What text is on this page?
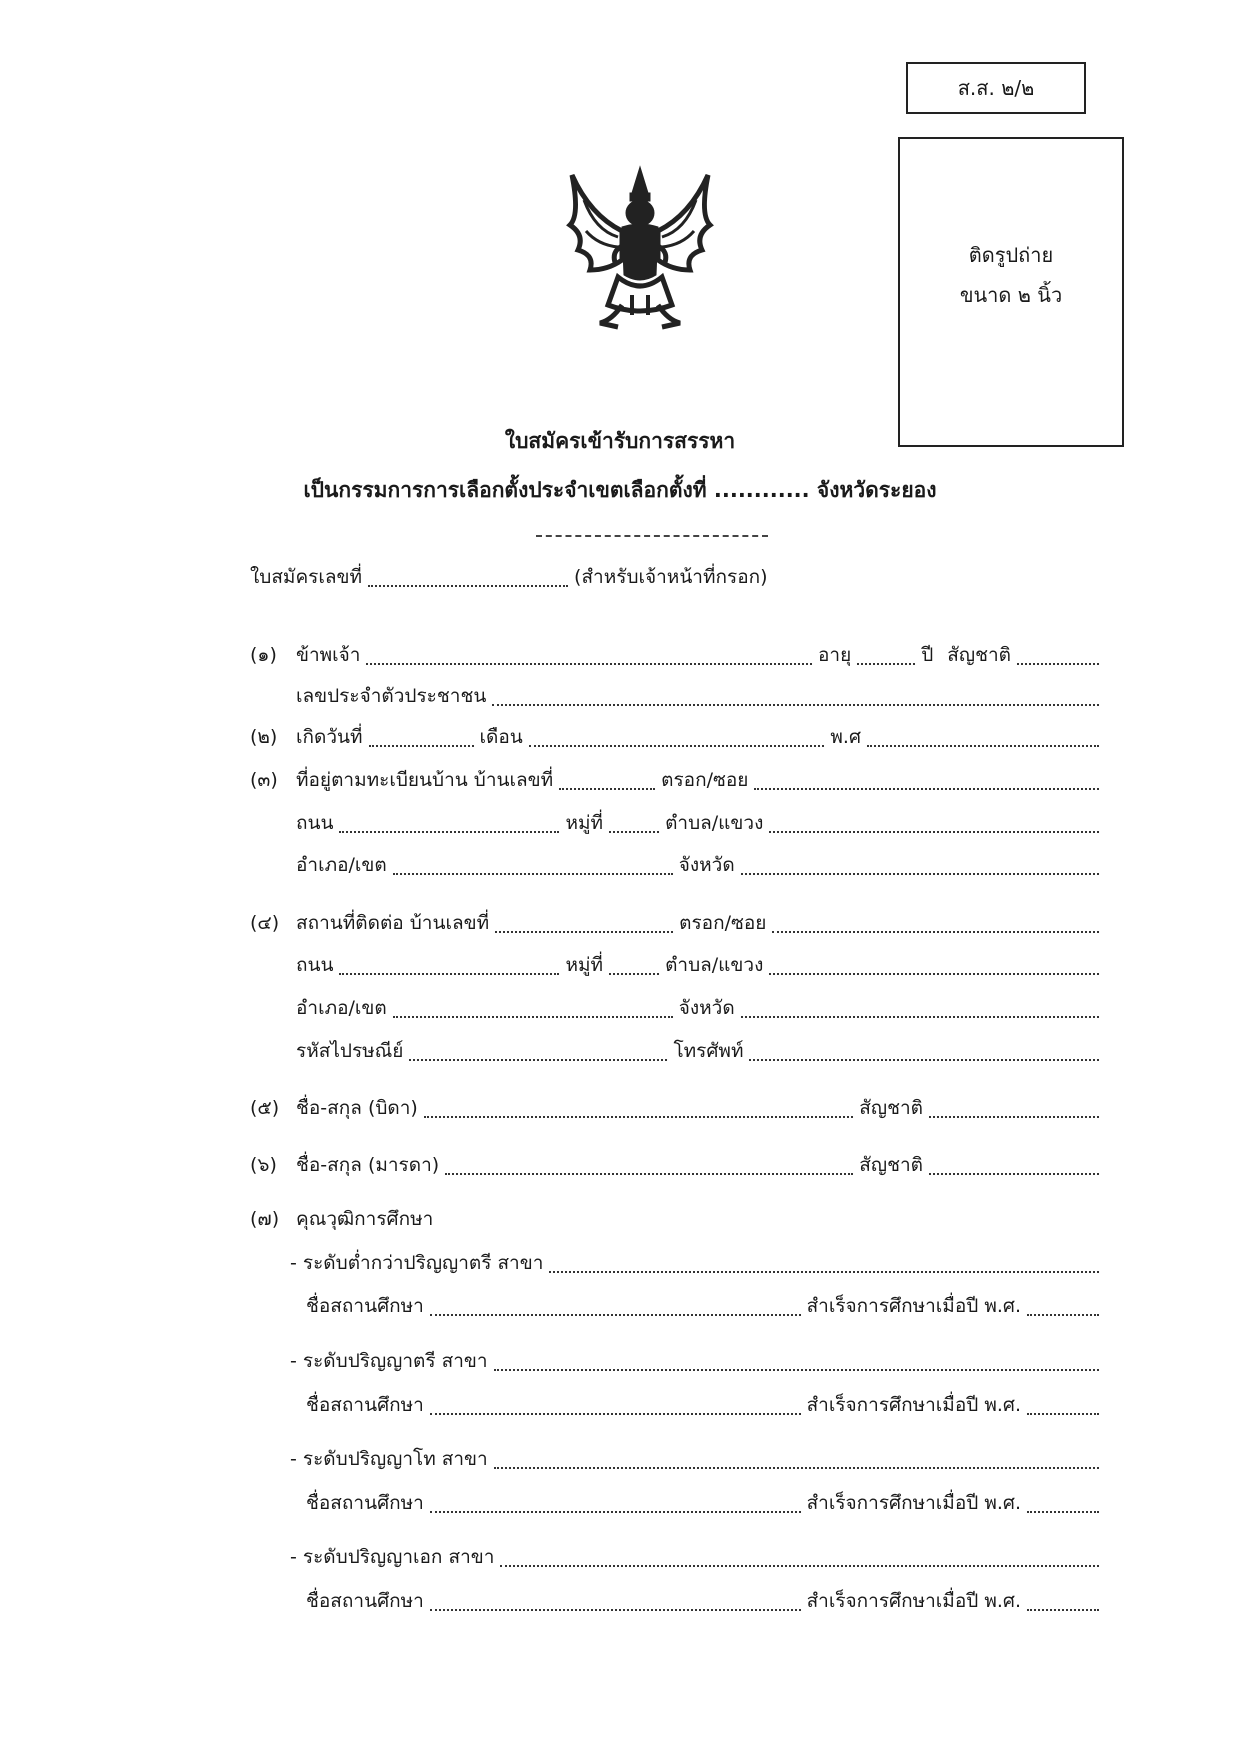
ส.ส. ๒/๒
ติดรูปถ่าย
ขนาด ๒ นิ้ว
ใบสมัครเข้ารับการสรรหา
เป็นกรรมการการเลือกตั้งประจำเขตเลือกตั้งที่ ............ จังหวัดระยอง
ใบสมัครเลขที่	(สำหรับเจ้าหน้าที่กรอก)
(๑)	ข้าพเจ้า	อายุ	ปี สัญชาติ
เลขประจำตัวประชาชน
(๒) เกิดวันที่	เดือน	พ.ศ
(๓) ที่อยู่ตามทะเบียนบ้าน บ้านเลขที่	ตรอก/ซอย
ถนน	หมู่ที่	ตำบล/แขวง
อำเภอ/เขต	จังหวัด
(๔) สถานที่ติดต่อ บ้านเลขที่	ตรอก/ซอย
ถนน	หมู่ที่	ตำบล/แขวง
อำเภอ/เขต	จังหวัด
รหัสไปรษณีย์	โทรศัพท์
(๕) ชื่อ-สกุล (บิดา)	สัญชาติ
(๖)	ชื่อ-สกุล (มารดา)	สัญชาติ
(๗) คุณวุฒิการศึกษา
- ระดับต่ำกว่าปริญญาตรี สาขา
ชื่อสถานศึกษา	สำเร็จการศึกษาเมื่อปี พ.ศ.
- ระดับปริญญาตรี สาขา
ชื่อสถานศึกษา	สำเร็จการศึกษาเมื่อปี พ.ศ.
- ระดับปริญญาโท สาขา
ชื่อสถานศึกษา	สำเร็จการศึกษาเมื่อปี พ.ศ.
- ระดับปริญญาเอก สาขา
ชื่อสถานศึกษา	สำเร็จการศึกษาเมื่อปี พ.ศ.
